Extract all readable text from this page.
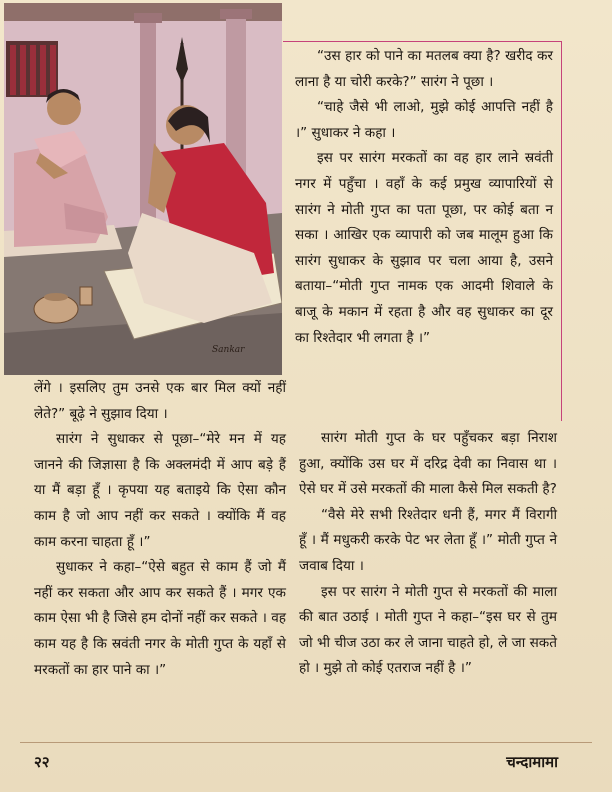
Sankar

“उस हार को पाने का मतलब क्या है? खरीद कर लाना है या चोरी करके?” सारंग ने पूछा ।

“चाहे जैसे भी लाओ, मुझे कोई आपत्ति नहीं है ।” सुधाकर ने कहा ।

इस पर सारंग मरकतों का वह हार लाने स्रवंती नगर में पहुँचा । वहाँ के कई प्रमुख व्यापारियों से सारंग ने मोती गुप्त का पता पूछा, पर कोई बता न सका । आखिर एक व्यापारी को जब मालूम हुआ कि सारंग सुधाकर के सुझाव पर चला आया है, उसने बताया–“मोती गुप्त नामक एक आदमी शिवाले के बाजू के मकान में रहता है और वह सुधाकर का दूर का रिश्तेदार भी लगता है ।”

लेंगे । इसलिए तुम उनसे एक बार मिल क्यों नहीं लेते?” बूढ़े ने सुझाव दिया ।

सारंग ने सुधाकर से पूछा–“मेरे मन में यह जानने की जिज्ञासा है कि अक्लमंदी में आप बड़े हैं या मैं बड़ा हूँ । कृपया यह बताइये कि ऐसा कौन काम है जो आप नहीं कर सकते । क्योंकि मैं वह काम करना चाहता हूँ ।”

सुधाकर ने कहा–“ऐसे बहुत से काम हैं जो मैं नहीं कर सकता और आप कर सकते हैं । मगर एक काम ऐसा भी है जिसे हम दोनों नहीं कर सकते । वह काम यह है कि स्रवंती नगर के मोती गुप्त के यहाँ से मरकतों का हार पाने का ।”

सारंग मोती गुप्त के घर पहुँचकर बड़ा निराश हुआ, क्योंकि उस घर में दरिद्र देवी का निवास था । ऐसे घर में उसे मरकतों की माला कैसे मिल सकती है?

“वैसे मेरे सभी रिश्तेदार धनी हैं, मगर मैं विरागी हूँ । मैं मधुकरी करके पेट भर लेता हूँ ।” मोती गुप्त ने जवाब दिया ।

इस पर सारंग ने मोती गुप्त से मरकतों की माला की बात उठाई । मोती गुप्त ने कहा–“इस घर से तुम जो भी चीज उठा कर ले जाना चाहते हो, ले जा सकते हो । मुझे तो कोई एतराज नहीं है ।”

२२	चन्दामामा
